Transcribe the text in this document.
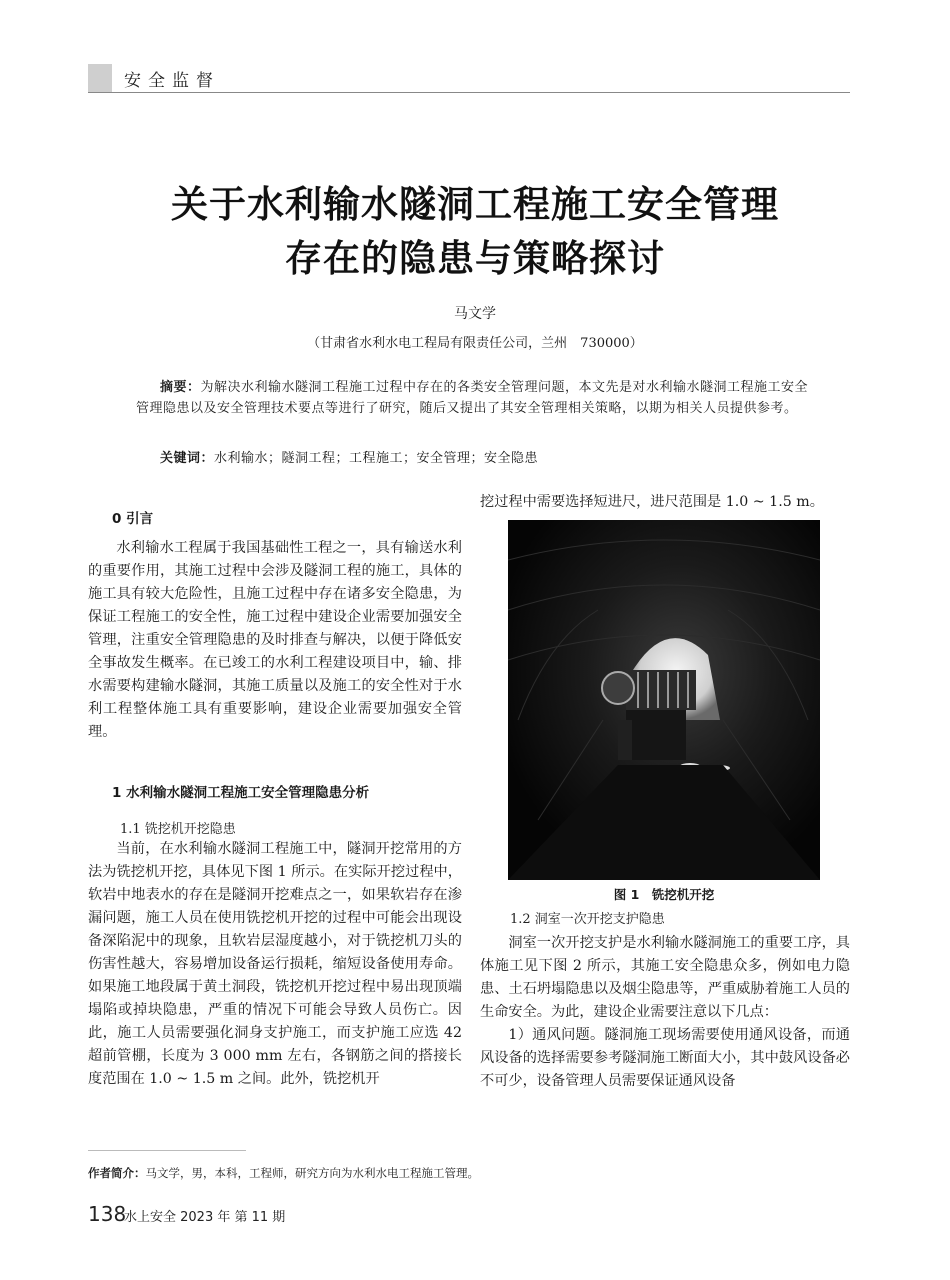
安全监督
关于水利输水隧洞工程施工安全管理
存在的隐患与策略探讨
马文学
（甘肃省水利水电工程局有限责任公司，兰州　730000）

摘要：为解决水利输水隧洞工程施工过程中存在的各类安全管理问题，本文先是对水利输水隧洞工程施工安全管理隐患以及安全管理技术要点等进行了研究，随后又提出了其安全管理相关策略，以期为相关人员提供参考。

关键词：水利输水；隧洞工程；工程施工；安全管理；安全隐患
0 引言

水利输水工程属于我国基础性工程之一，具有输送水利的重要作用，其施工过程中会涉及隧洞工程的施工，具体的施工具有较大危险性，且施工过程中存在诸多安全隐患，为保证工程施工的安全性，施工过程中建设企业需要加强安全管理，注重安全管理隐患的及时排查与解决，以便于降低安全事故发生概率。在已竣工的水利工程建设项目中，输、排水需要构建输水隧洞，其施工质量以及施工的安全性对于水利工程整体施工具有重要影响，建设企业需要加强安全管理。

1 水利输水隧洞工程施工安全管理隐患分析
1.1 铣挖机开挖隐患

当前，在水利输水隧洞工程施工中，隧洞开挖常用的方法为铣挖机开挖，具体见下图 1 所示。在实际开挖过程中，软岩中地表水的存在是隧洞开挖难点之一，如果软岩存在渗漏问题，施工人员在使用铣挖机开挖的过程中可能会出现设备深陷泥中的现象，且软岩层湿度越小，对于铣挖机刀头的伤害性越大，容易增加设备运行损耗，缩短设备使用寿命。如果施工地段属于黄土洞段，铣挖机开挖过程中易出现顶端塌陷或掉块隐患，严重的情况下可能会导致人员伤亡。因此，施工人员需要强化洞身支护施工，而支护施工应选 42 超前管棚，长度为 3 000 mm 左右，各钢筋之间的搭接长度范围在 1.0 ~ 1.5 m 之间。此外，铣挖机开

挖过程中需要选择短进尺，进尺范围是 1.0 ~ 1.5 m。

图 1　铣挖机开挖
1.2 洞室一次开挖支护隐患

洞室一次开挖支护是水利输水隧洞施工的重要工序，具体施工见下图 2 所示，其施工安全隐患众多，例如电力隐患、土石坍塌隐患以及烟尘隐患等，严重威胁着施工人员的生命安全。为此，建设企业需要注意以下几点：

1）通风问题。隧洞施工现场需要使用通风设备，而通风设备的选择需要参考隧洞施工断面大小，其中鼓风设备必不可少，设备管理人员需要保证通风设备

作者简介：马文学，男，本科，工程师，研究方向为水利水电工程施工管理。
138
水上安全 2023 年 第 11 期
